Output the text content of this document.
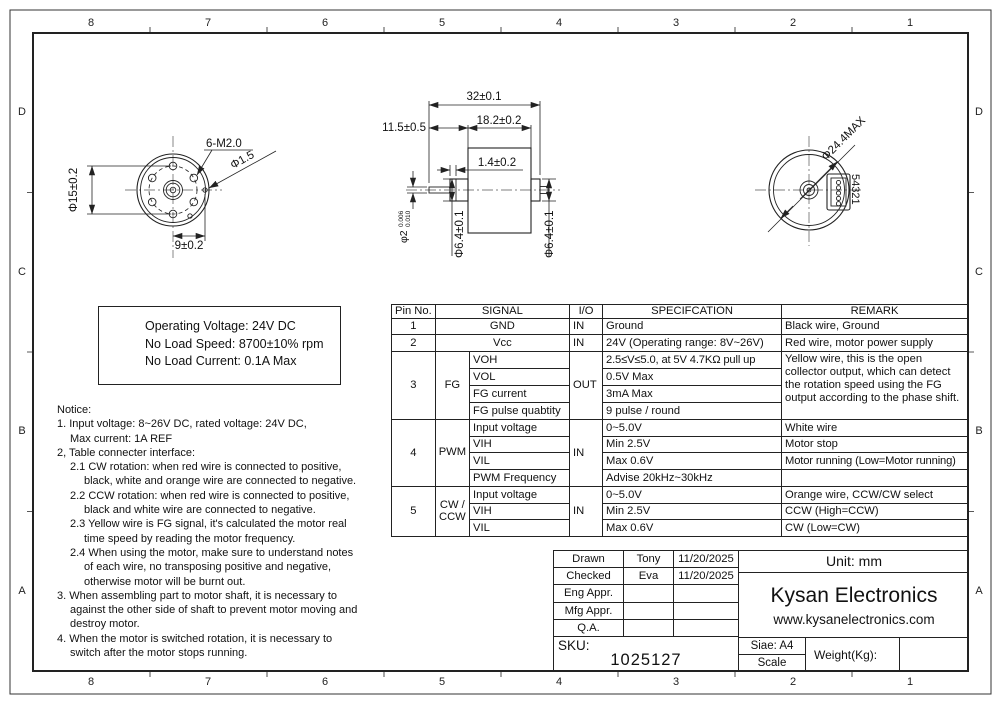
Φ15±0.2
9±0.2
6-M2.0
Φ1.5
32±0.1
11.5±0.5
18.2±0.2
1.4±0.2
φ2
0.006 0.010	Φ6.4±0.1	Φ6.4±0.1
54321
Φ24.4MAX
8	7	6	5	4	3	2	1
8	7	6	5	4	3	2	1
D
C
B
A
D
C
B
A
Operating Voltage: 24V DC
No Load Speed: 8700±10% rpm
No Load Current: 0.1A Max
Notice:
1. Input voltage: 8~26V DC, rated voltage: 24V DC,
Max current: 1A REF
2, Table connecter interface:
2.1 CW rotation: when red wire is connected to positive,
black, white and orange wire are connected to negative.
2.2 CCW rotation: when red wire is connected to positive,
black and white wire are connected to negative.
2.3 Yellow wire is FG signal, it's calculated the motor real
time speed by reading the motor frequency.
2.4 When using the motor, make sure to understand notes
of each wire, no transposing positive and negative,
otherwise motor will be burnt out.
3. When assembling part to motor shaft, it is necessary to
against the other side of shaft to prevent motor moving and
destroy motor.
4. When the motor is switched rotation, it is necessary to
switch after the motor stops running.
Pin No.	SIGNAL		I/O	SPECIFCATION	REMARK
1	GND		IN	Ground	Black wire, Ground
2	Vcc		IN	24V (Operating range: 8V~26V)	Red wire, motor power supply
3	FG	VOH	OUT	2.5≤V≤5.0, at 5V 4.7KΩ pull up	Yellow wire, this is the open collector output, which can detect the rotation speed using the FG output according to the phase shift.
		VOL		0.5V Max	
		FG current		3mA Max	
		FG pulse quabtity		9 pulse / round	
4	PWM	Input voltage	IN	0~5.0V	White wire
		VIH		Min 2.5V	Motor stop
		VIL		Max 0.6V	Motor running (Low=Motor running)
		PWM Frequency		Advise 20kHz~30kHz	
5	CW / CCW	Input voltage	IN	0~5.0V	Orange wire, CCW/CW select
		VIH		Min 2.5V	CCW (High=CCW)
		VIL		Max 0.6V	CW (Low=CW)
Drawn	Tony	11/20/2025
Checked	Eva	11/20/2025
Eng Appr.
Mfg Appr.
Q.A.
SKU:
1025127
Unit: mm
Kysan Electronics
www.kysanelectronics.com
Siae: A4
Scale
Weight(Kg):
